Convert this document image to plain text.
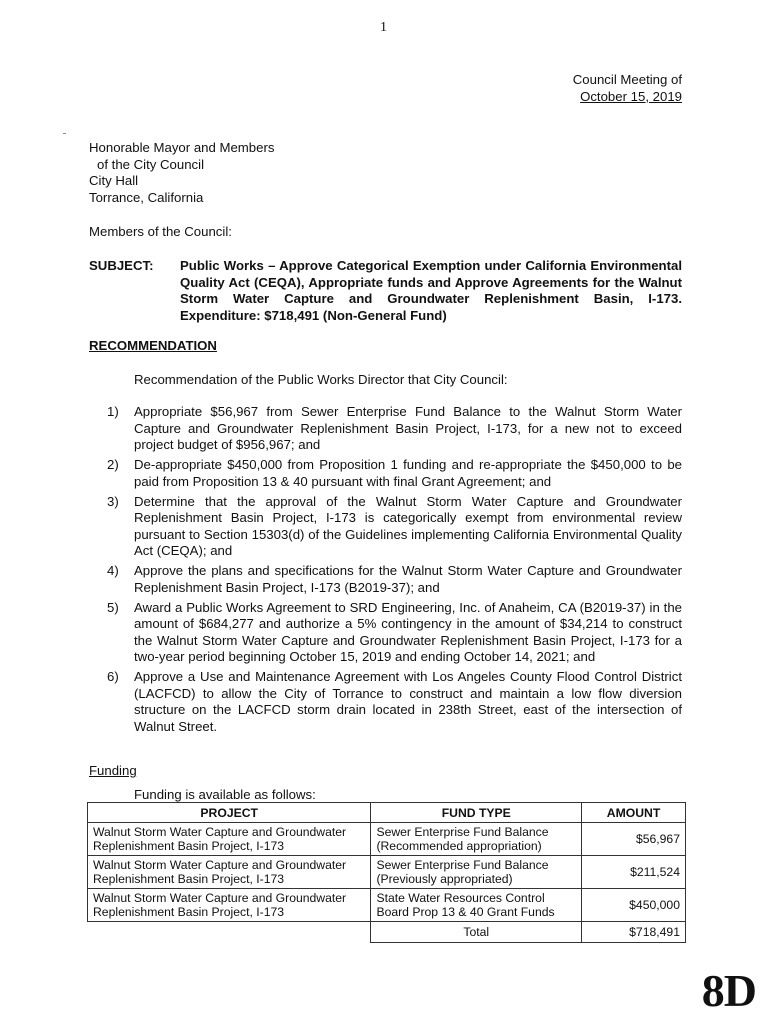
1
Council Meeting of
October 15, 2019
Honorable Mayor and Members
of the City Council
City Hall
Torrance, California
Members of the Council:
SUBJECT: Public Works – Approve Categorical Exemption under California Environmental Quality Act (CEQA), Appropriate funds and Approve Agreements for the Walnut Storm Water Capture and Groundwater Replenishment Basin, I-173. Expenditure: $718,491 (Non-General Fund)
RECOMMENDATION
Recommendation of the Public Works Director that City Council:
1) Appropriate $56,967 from Sewer Enterprise Fund Balance to the Walnut Storm Water Capture and Groundwater Replenishment Basin Project, I-173, for a new not to exceed project budget of $956,967; and
2) De-appropriate $450,000 from Proposition 1 funding and re-appropriate the $450,000 to be paid from Proposition 13 & 40 pursuant with final Grant Agreement; and
3) Determine that the approval of the Walnut Storm Water Capture and Groundwater Replenishment Basin Project, I-173 is categorically exempt from environmental review pursuant to Section 15303(d) of the Guidelines implementing California Environmental Quality Act (CEQA); and
4) Approve the plans and specifications for the Walnut Storm Water Capture and Groundwater Replenishment Basin Project, I-173 (B2019-37); and
5) Award a Public Works Agreement to SRD Engineering, Inc. of Anaheim, CA (B2019-37) in the amount of $684,277 and authorize a 5% contingency in the amount of $34,214 to construct the Walnut Storm Water Capture and Groundwater Replenishment Basin Project, I-173 for a two-year period beginning October 15, 2019 and ending October 14, 2021; and
6) Approve a Use and Maintenance Agreement with Los Angeles County Flood Control District (LACFCD) to allow the City of Torrance to construct and maintain a low flow diversion structure on the LACFCD storm drain located in 238th Street, east of the intersection of Walnut Street.
Funding
Funding is available as follows:
PROJECT	FUND TYPE	AMOUNT
Walnut Storm Water Capture and Groundwater Replenishment Basin Project, I-173	Sewer Enterprise Fund Balance (Recommended appropriation)	$56,967
Walnut Storm Water Capture and Groundwater Replenishment Basin Project, I-173	Sewer Enterprise Fund Balance (Previously appropriated)	$211,524
Walnut Storm Water Capture and Groundwater Replenishment Basin Project, I-173	State Water Resources Control Board Prop 13 & 40 Grant Funds	$450,000
	Total	$718,491
8D
